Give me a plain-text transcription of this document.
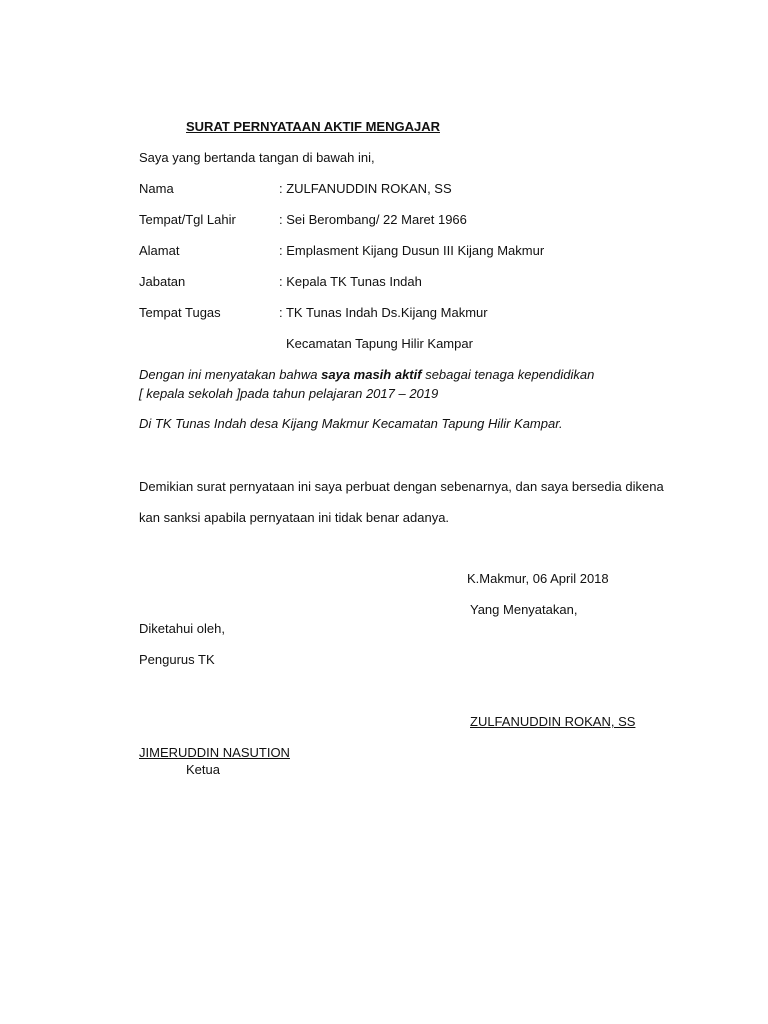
SURAT PERNYATAAN AKTIF MENGAJAR
Saya yang bertanda tangan di bawah ini,
Nama	: ZULFANUDDIN ROKAN, SS
Tempat/Tgl Lahir	: Sei Berombang/ 22 Maret 1966
Alamat	: Emplasment Kijang Dusun III Kijang Makmur
Jabatan	: Kepala TK Tunas Indah
Tempat Tugas	: TK Tunas Indah Ds.Kijang Makmur
Kecamatan Tapung Hilir Kampar
Dengan ini menyatakan bahwa saya masih aktif sebagai tenaga kependidikan
[ kepala sekolah ]pada tahun pelajaran 2017 – 2019
Di TK Tunas Indah desa Kijang Makmur Kecamatan Tapung Hilir Kampar.
Demikian surat pernyataan ini saya perbuat dengan sebenarnya, dan saya bersedia dikena
kan sanksi apabila pernyataan ini tidak benar adanya.
K.Makmur, 06 April 2018
Yang Menyatakan,
Diketahui oleh,
Pengurus TK
ZULFANUDDIN ROKAN, SS
JIMERUDDIN NASUTION
Ketua
